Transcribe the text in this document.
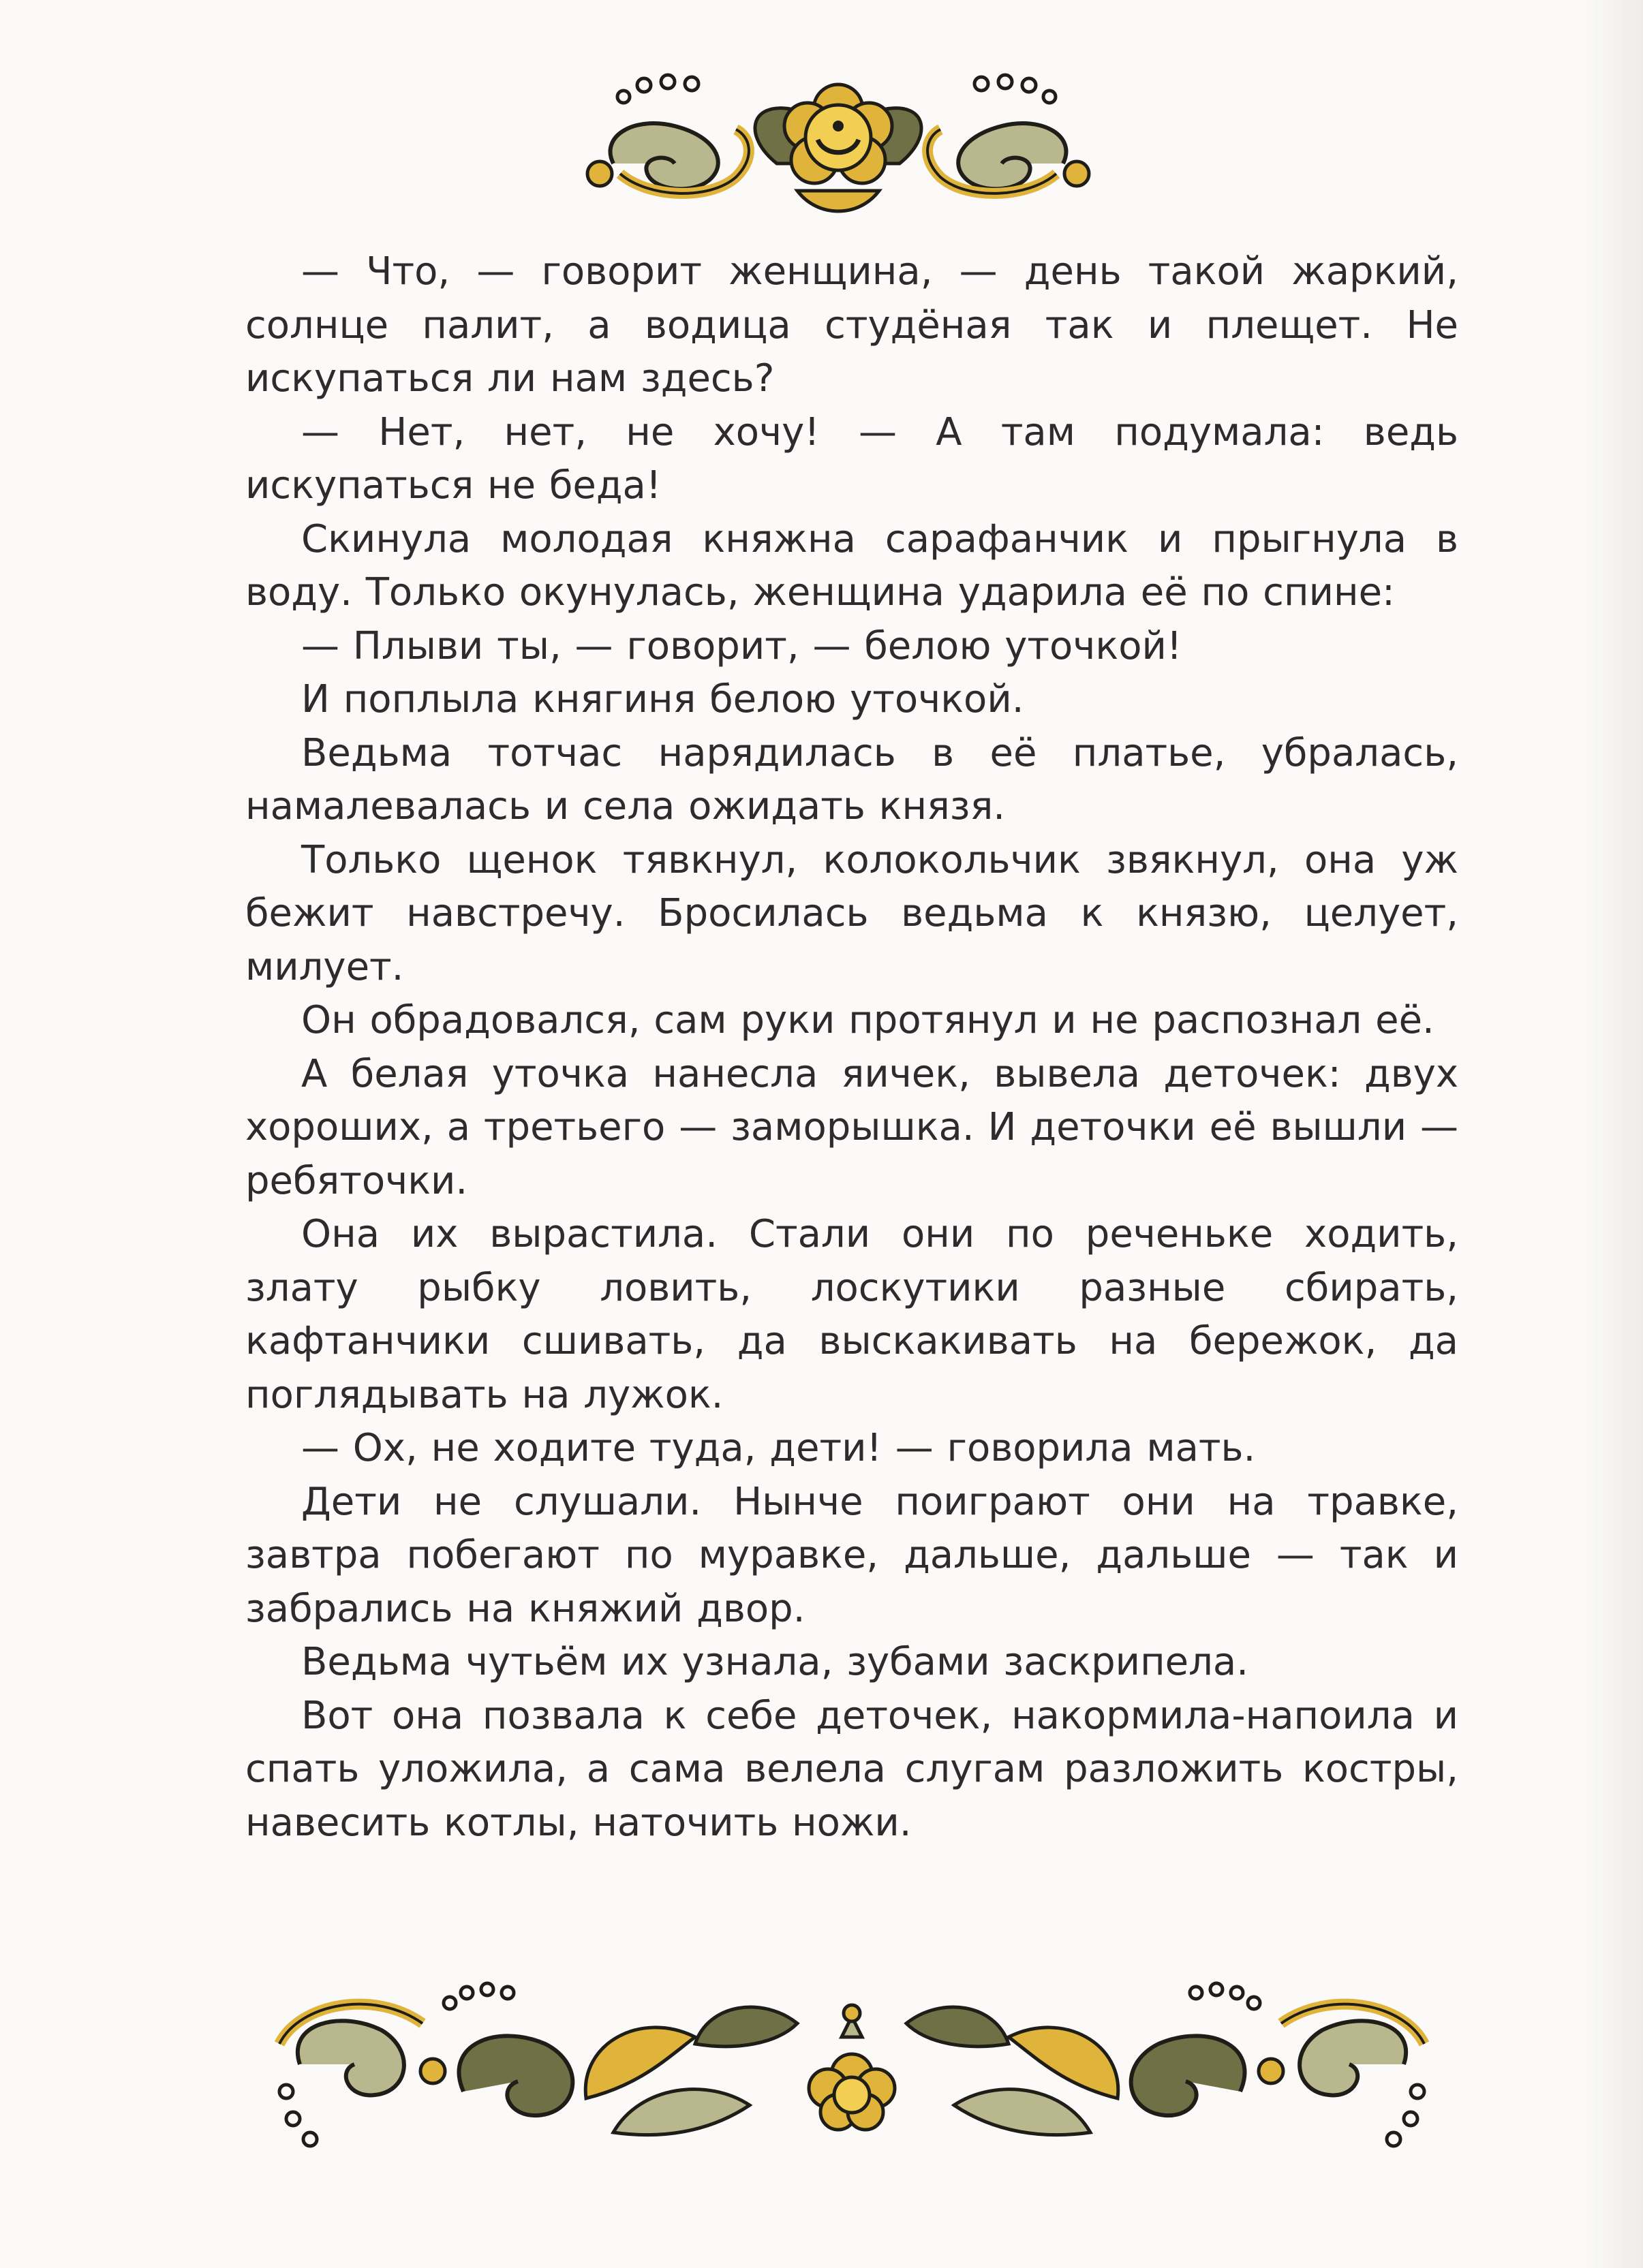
— Что, — говорит женщина, — день такой жаркий, солнце палит, а водица студёная так и плещет. Не искупаться ли нам здесь?

— Нет, нет, не хочу! — А там подумала: ведь искупаться не беда!

Скинула молодая княжна сарафанчик и прыгнула в воду. Только окунулась, женщина ударила её по спине:

— Плыви ты, — говорит, — белою уточкой!

И поплыла княгиня белою уточкой.

Ведьма тотчас нарядилась в её платье, убралась, намалевалась и села ожидать князя.

Только щенок тявкнул, колокольчик звякнул, она уж бежит навстречу. Бросилась ведьма к князю, целует, милует.

Он обрадовался, сам руки протянул и не распознал её.

А белая уточка нанесла яичек, вывела деточек: двух хороших, а третьего — заморышка. И деточки её вышли — ребяточки.

Она их вырастила. Стали они по реченьке ходить, злату рыбку ловить, лоскутики разные сбирать, кафтанчики сшивать, да выскакивать на бережок, да поглядывать на лужок.

— Ох, не ходите туда, дети! — говорила мать.

Дети не слушали. Нынче поиграют они на травке, завтра побегают по муравке, дальше, дальше — так и забрались на княжий двор.

Ведьма чутьём их узнала, зубами заскрипела.

Вот она позвала к себе деточек, накормила-напоила и спать уложила, а сама велела слугам разложить костры, навесить котлы, наточить ножи.
